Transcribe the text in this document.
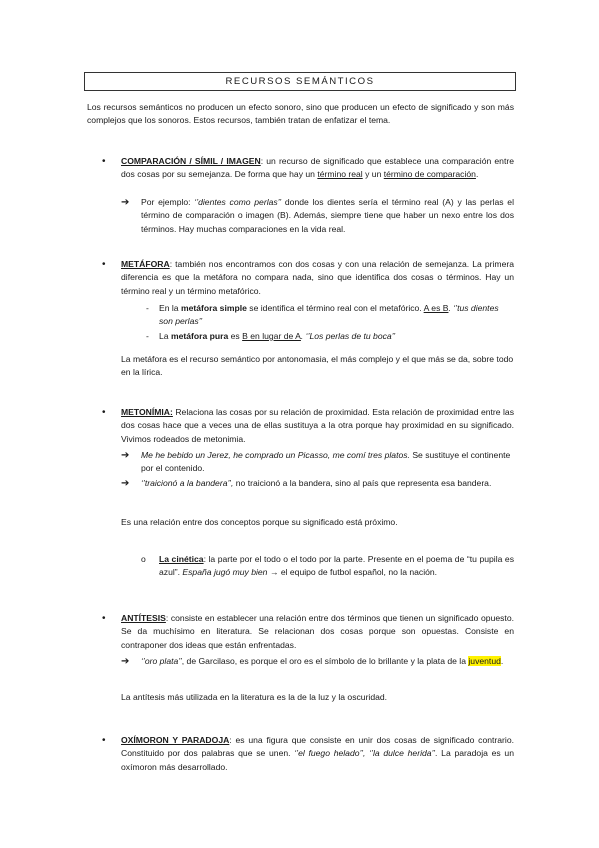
RECURSOS SEMÁNTICOS
Los recursos semánticos no producen un efecto sonoro, sino que producen un efecto de significado y son más complejos que los sonoros. Estos recursos, también tratan de enfatizar el tema.
• COMPARACIÓN / SÍMIL / IMAGEN: un recurso de significado que establece una comparación entre dos cosas por su semejanza. De forma que hay un término real y un término de comparación.
➔ Por ejemplo: ‘’dientes como perlas’’ donde los dientes sería el término real (A) y las perlas el término de comparación o imagen (B). Además, siempre tiene que haber un nexo entre los dos términos. Hay muchas comparaciones en la vida real.
• METÁFORA: también nos encontramos con dos cosas y con una relación de semejanza. La primera diferencia es que la metáfora no compara nada, sino que identifica dos cosas o términos. Hay un término real y un término metafórico.
- En la metáfora simple se identifica el término real con el metafórico. A es B. ‘’tus dientes son perlas’’
- La metáfora pura es B en lugar de A. ‘’Los perlas de tu boca’’
La metáfora es el recurso semántico por antonomasia, el más complejo y el que más se da, sobre todo en la lírica.
• METONÍMIA: Relaciona las cosas por su relación de proximidad. Esta relación de proximidad entre las dos cosas hace que a veces una de ellas sustituya a la otra porque hay proximidad en su significado. Vivimos rodeados de metonimia.
➔ Me he bebido un Jerez, he comprado un Picasso, me comí tres platos. Se sustituye el continente por el contenido.
➔ ‘’traicionó a la bandera’’, no traicionó a la bandera, sino al país que representa esa bandera.
Es una relación entre dos conceptos porque su significado está próximo.
o La cinética: la parte por el todo o el todo por la parte. Presente en el poema de “tu pupila es azul”. España jugó muy bien → el equipo de futbol español, no la nación.
• ANTÍTESIS: consiste en establecer una relación entre dos términos que tienen un significado opuesto. Se da muchísimo en literatura. Se relacionan dos cosas porque son opuestas. Consiste en contraponer dos ideas que están enfrentadas.
➔ ‘’oro plata’’, de Garcilaso, es porque el oro es el símbolo de lo brillante y la plata de la juventud.
La antítesis más utilizada en la literatura es la de la luz y la oscuridad.
• OXÍMORON Y PARADOJA: es una figura que consiste en unir dos cosas de significado contrario. Constituido por dos palabras que se unen. ‘’el fuego helado’’, ‘’la dulce herida’’. La paradoja es un oxímoron más desarrollado.
